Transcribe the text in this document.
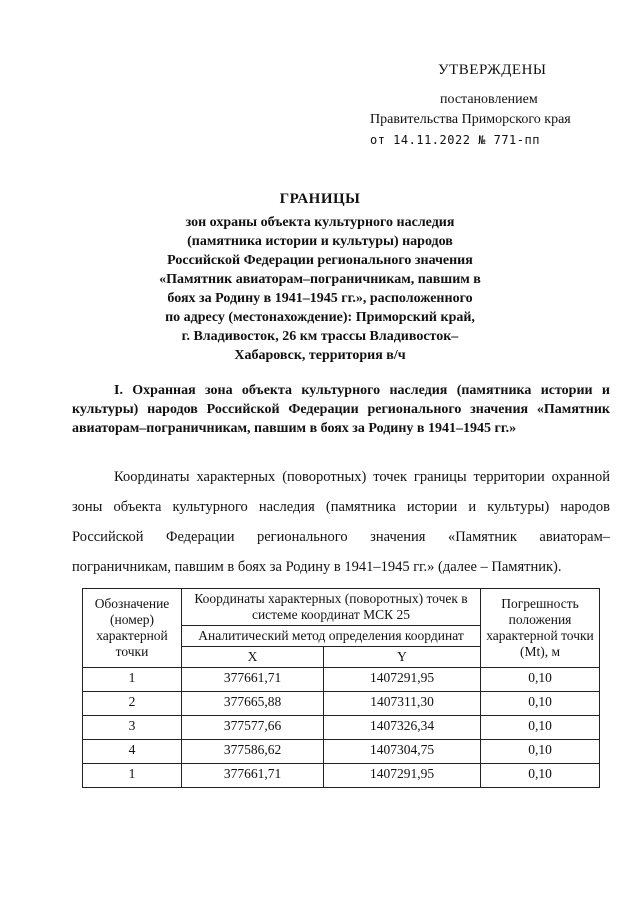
УТВЕРЖДЕНЫ
постановлением
Правительства Приморского края
от 14.11.2022 № 771-пп
ГРАНИЦЫ
зон охраны объекта культурного наследия
(памятника истории и культуры) народов
Российской Федерации регионального значения
«Памятник авиаторам–пограничникам, павшим в
боях за Родину в 1941–1945 гг.», расположенного
по адресу (местонахождение): Приморский край,
г. Владивосток, 26 км трассы Владивосток–
Хабаровск, территория в/ч
I. Охранная зона объекта культурного наследия (памятника истории и культуры) народов Российской Федерации регионального значения «Памятник авиаторам–пограничникам, павшим в боях за Родину в 1941–1945 гг.»
Координаты характерных (поворотных) точек границы территории охранной зоны объекта культурного наследия (памятника истории и культуры) народов Российской Федерации регионального значения «Памятник авиаторам–пограничникам, павшим в боях за Родину в 1941–1945 гг.» (далее – Памятник).
Обозначение (номер) характерной точки	Координаты характерных (поворотных) точек в системе координат МСК 25		Погрешность положения характерной точки (Mt), м
	Аналитический метод определения координат		
	X	Y	
1	377661,71	1407291,95	0,10
2	377665,88	1407311,30	0,10
3	377577,66	1407326,34	0,10
4	377586,62	1407304,75	0,10
1	377661,71	1407291,95	0,10
